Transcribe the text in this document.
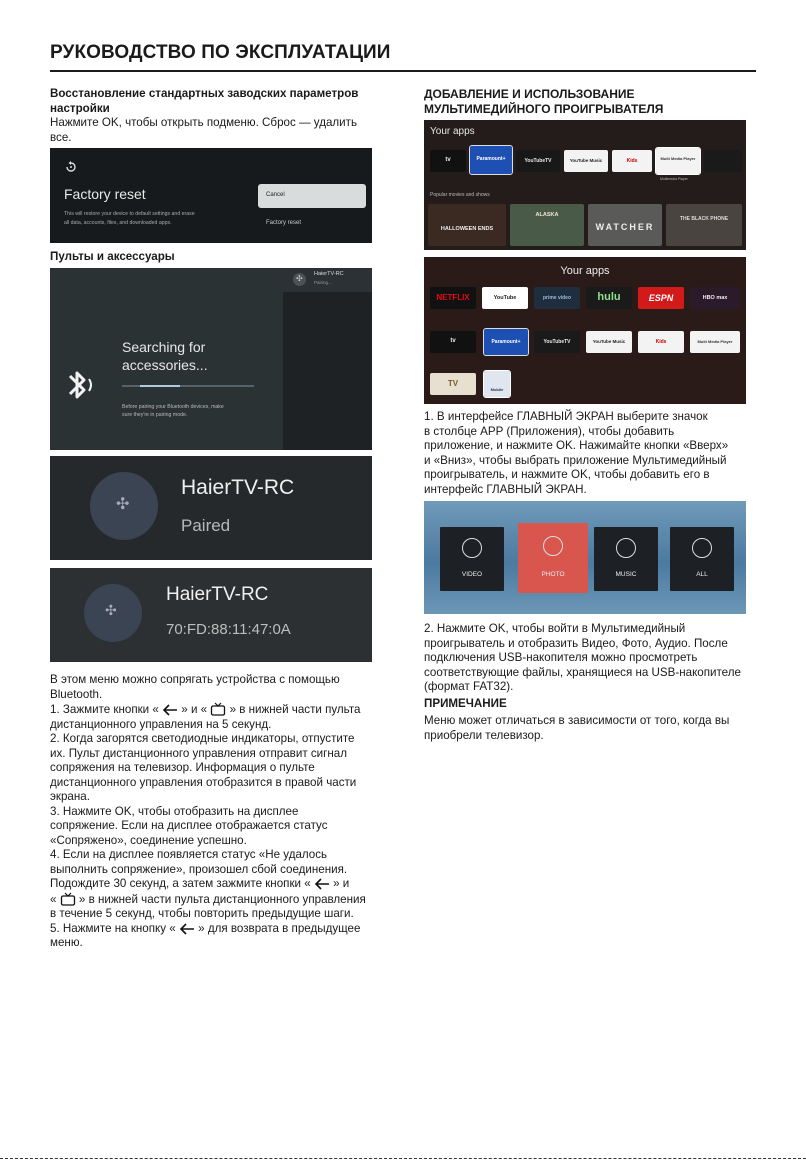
РУКОВОДСТВО ПО ЭКСПЛУАТАЦИИ
Восстановление стандартных заводских параметров
настройки
Нажмите OK, чтобы открыть подменю. Сброс — удалить
все.
Factory reset
This will restore your device to default settings and erase
all data, accounts, files, and downloaded apps.
Cancel
Factory reset
Пульты и аксессуары
✣ HaierTV-RC
Pairing...
Searching for
accessories...
Before pairing your Bluetooth devices, make
sure they're in pairing mode.
✣
HaierTV-RC
Paired
✣
HaierTV-RC
70:FD:88:11:47:0A
В этом меню можно сопрягать устройства с помощью
Bluetooth.
1. Зажмите кнопки « » и « » в нижней части пульта
дистанционного управления на 5 секунд.
2. Когда загорятся светодиодные индикаторы, отпустите
их. Пульт дистанционного управления отправит сигнал
сопряжения на телевизор. Информация о пульте
дистанционного управления отобразится в правой части
экрана.
3. Нажмите OK, чтобы отобразить на дисплее
сопряжение. Если на дисплее отображается статус
«Сопряжено», соединение успешно.
4. Если на дисплее появляется статус «Не удалось
выполнить сопряжение», произошел сбой соединения.
Подождите 30 секунд, а затем зажмите кнопки « » и
« » в нижней части пульта дистанционного управления
в течение 5 секунд, чтобы повторить предыдущие шаги.
5. Нажмите на кнопку « » для возврата в предыдущее
меню.
ДОБАВЛЕНИЕ И ИСПОЛЬЗОВАНИЕ
МУЛЬТИМЕДИЙНОГО ПРОИГРЫВАТЕЛЯ
Your apps
tv	Paramount+	YouTubeTV	YouTube Music	Kids	Multi Media Player
Multimedia Player
Popular movies and shows
HALLOWEEN ENDS
ALASKA
WATCHER
THE BLACK PHONE
Your apps
NETFLIX	YouTube	prime video	hulu	ESPN	HBO max
tv	Paramount+	YouTubeTV	YouTube Music	Kids	Multi Media Player
TV
Mobile
1. В интерфейсе ГЛАВНЫЙ ЭКРАН выберите значок
в столбце APP (Приложения), чтобы добавить
приложение, и нажмите OK. Нажимайте кнопки «Вверх»
и «Вниз», чтобы выбрать приложение Мультимедийный
проигрыватель, и нажмите OK, чтобы добавить его в
интерфейс ГЛАВНЫЙ ЭКРАН.
VIDEO	PHOTO	MUSIC	ALL
2. Нажмите OK, чтобы войти в Мультимедийный
проигрыватель и отобразить Видео, Фото, Аудио. После
подключения USB-накопителя можно просмотреть
соответствующие файлы, хранящиеся на USB-накопителе
(формат FAT32).
ПРИМЕЧАНИЕ
Меню может отличаться в зависимости от того, когда вы
приобрели телевизор.
